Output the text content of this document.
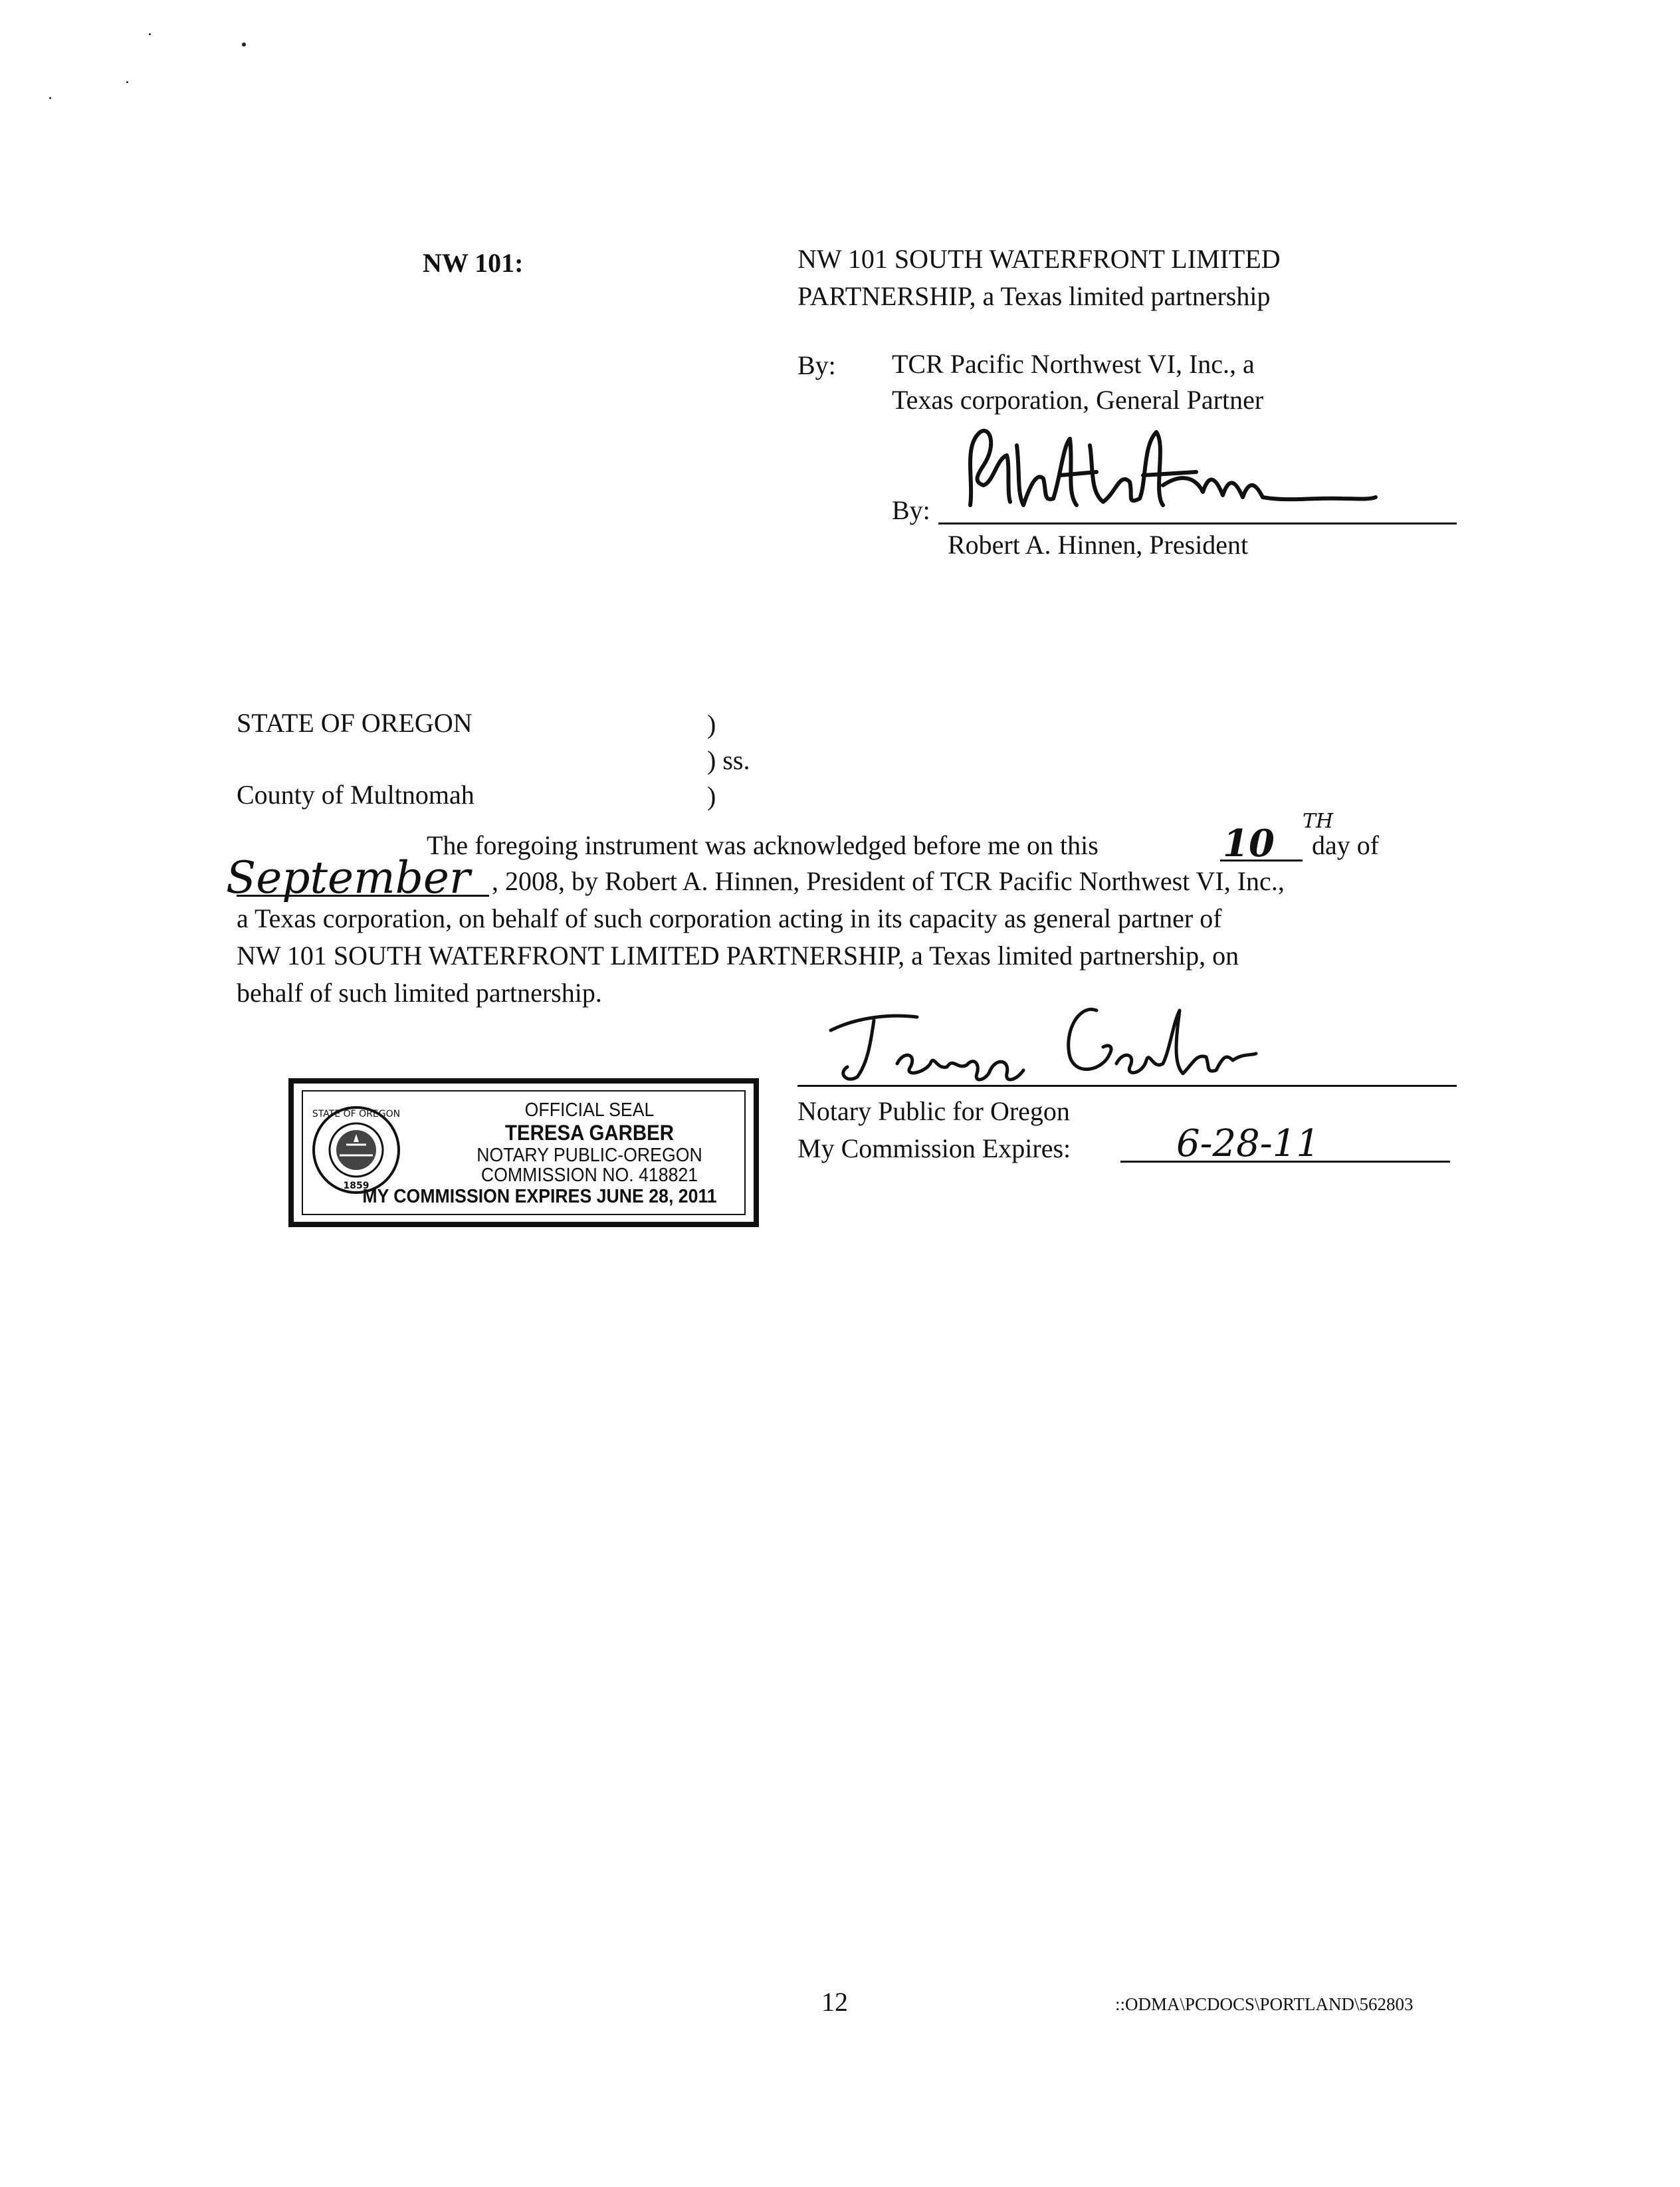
NW 101:	NW 101 SOUTH WATERFRONT LIMITED
PARTNERSHIP, a Texas limited partnership
By: TCR Pacific Northwest VI, Inc., a
Texas corporation, General Partner
By:
Robert A. Hinnen, President
STATE OF OREGON	)
) ss.
County of Multnomah	)
The foregoing instrument was acknowledged before me on this	10
TH
day of
September , 2008, by Robert A. Hinnen, President of TCR Pacific Northwest VI, Inc.,
a Texas corporation, on behalf of such corporation acting in its capacity as general partner of
NW 101 SOUTH WATERFRONT LIMITED PARTNERSHIP, a Texas limited partnership, on
behalf of such limited partnership.
Notary Public for Oregon
My Commission Expires:	6-28-11
STATE OF OREGON
1859
OFFICIAL SEAL
TERESA GARBER
NOTARY PUBLIC-OREGON
COMMISSION NO. 418821
MY COMMISSION EXPIRES JUNE 28, 2011
12	::ODMA\PCDOCS\PORTLAND\562803
